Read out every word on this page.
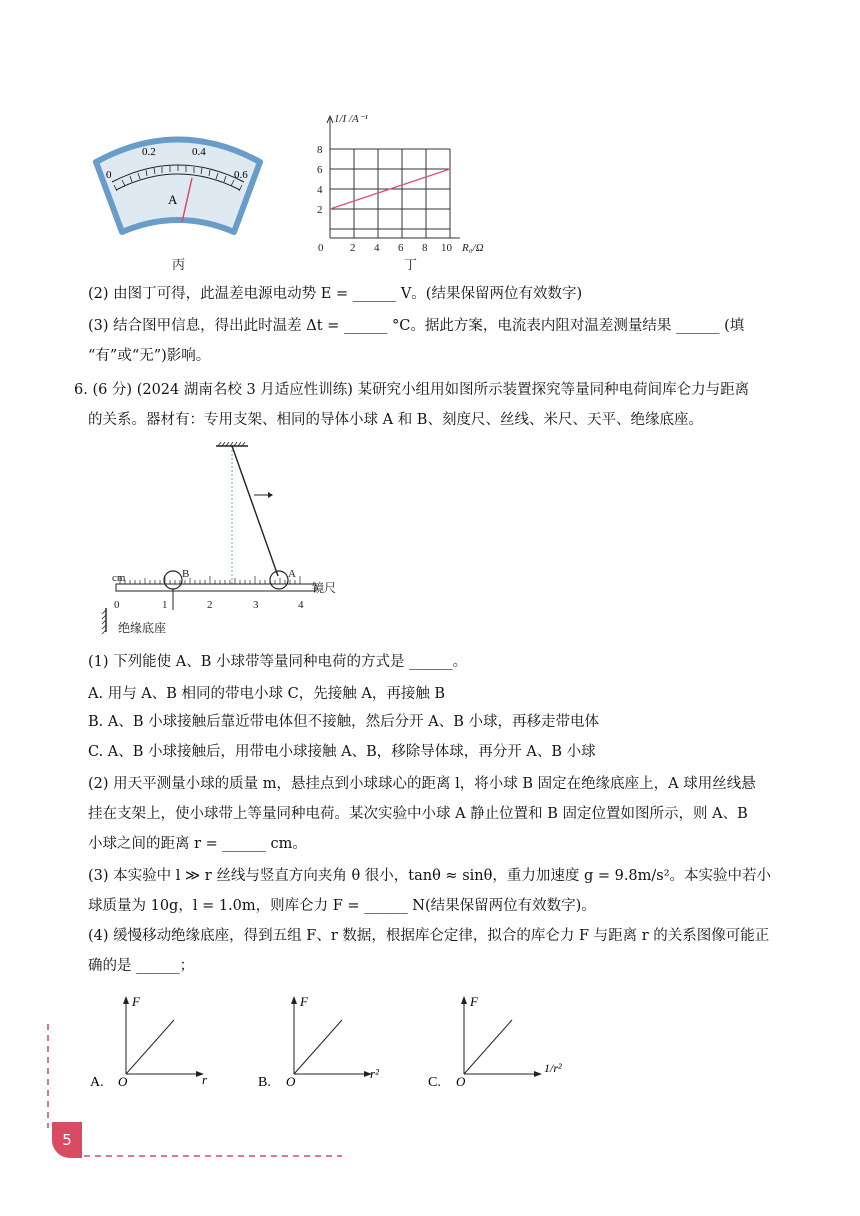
0
0.2	0.4
0.6
A
丙
8
6
4
2
0 2 4 6 8 10 R₀/Ω
1/I /A⁻¹
丁
(2) 由图丁可得，此温差电源电动势 E = ______ V。(结果保留两位有效数字)
(3) 结合图甲信息，得出此时温差 Δt = ______ °C。据此方案，电流表内阻对温差测量结果 ______ (填
“有”或“无”)影响。
6. (6 分) (2024 湖南名校 3 月适应性训练) 某研究小组用如图所示装置探究等量同种电荷间库仑力与距离
的关系。器材有：专用支架、相同的导体小球 A 和 B、刻度尺、丝线、米尺、天平、绝缘底座。
cm	B	A
镜尺
0	1	2	3	4
绝缘底座
(1) 下列能使 A、B 小球带等量同种电荷的方式是 ______。
A. 用与 A、B 相同的带电小球 C，先接触 A，再接触 B
B. A、B 小球接触后靠近带电体但不接触，然后分开 A、B 小球，再移走带电体
C. A、B 小球接触后，用带电小球接触 A、B，移除导体球，再分开 A、B 小球
(2) 用天平测量小球的质量 m，悬挂点到小球球心的距离 l，将小球 B 固定在绝缘底座上，A 球用丝线悬
挂在支架上，使小球带上等量同种电荷。某次实验中小球 A 静止位置和 B 固定位置如图所示，则 A、B
小球之间的距离 r = ______ cm。
(3) 本实验中 l ≫ r 丝线与竖直方向夹角 θ 很小，tanθ ≈ sinθ，重力加速度 g = 9.8m/s²。本实验中若小
球质量为 10g，l = 1.0m，则库仑力 F = ______ N(结果保留两位有效数字)。
(4) 缓慢移动绝缘底座，得到五组 F、r 数据，根据库仑定律，拟合的库仑力 F 与距离 r 的关系图像可能正
确的是 ______；
A. O
F
r	B. O
F
r²
C. O
F
1/r²
5
